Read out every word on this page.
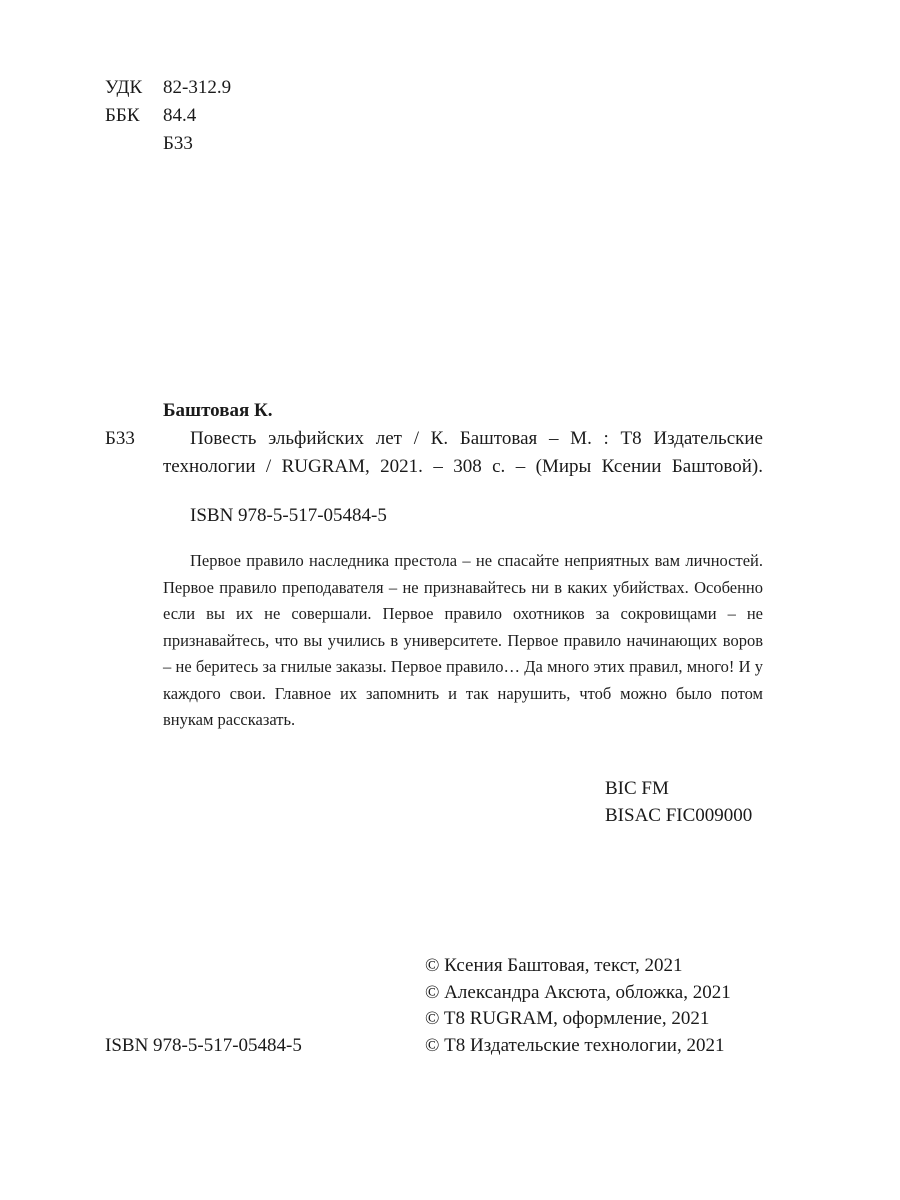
УДК 82-312.9
ББК 84.4
Б33
Баштовая К.
Б33	Повесть эльфийских лет / К. Баштовая – М. : Т8 Издательские
технологии / RUGRAM, 2021. – 308 с. – (Миры Ксении Баштовой).
ISBN 978-5-517-05484-5
Первое правило наследника престола – не спасайте неприятных вам личностей. Первое правило преподавателя – не признавайтесь ни в каких убийствах. Особенно если вы их не совершали. Первое правило охотников за сокровищами – не признавайтесь, что вы учились в университете. Первое правило начинающих воров – не беритесь за гнилые заказы. Первое правило… Да много этих правил, много! И у каждого свои. Главное их запомнить и так нарушить, чтоб можно было потом внукам рассказать.
BIC FM
BISAC FIC009000
© Ксения Баштовая, текст, 2021
© Александра Аксюта, обложка, 2021
© T8 RUGRAM, оформление, 2021
© Т8 Издательские технологии, 2021
ISBN 978-5-517-05484-5
